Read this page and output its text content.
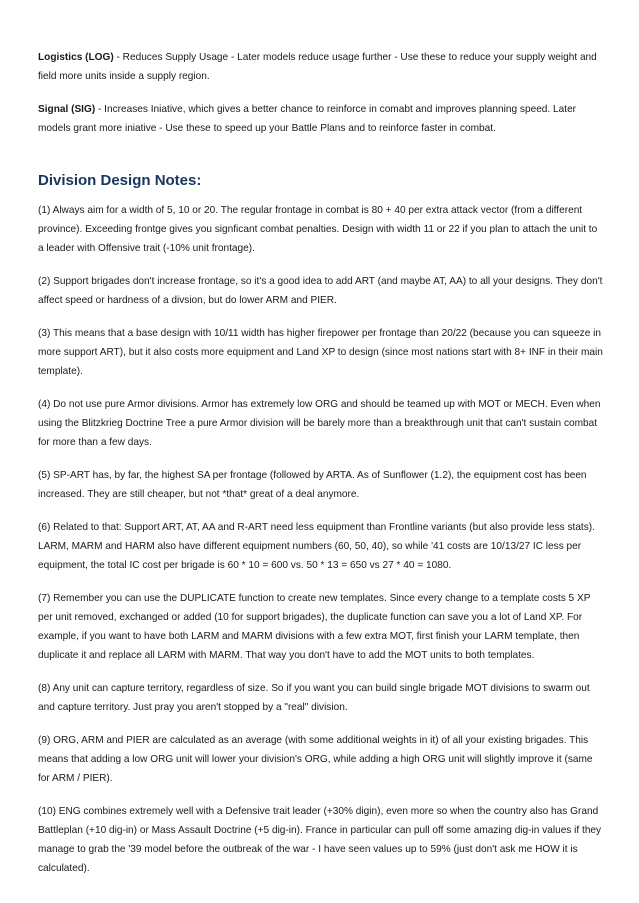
Logistics (LOG) - Reduces Supply Usage - Later models reduce usage further - Use these to reduce your supply weight and field more units inside a supply region.

Signal (SIG) - Increases Iniative, which gives a better chance to reinforce in comabt and improves planning speed. Later models grant more iniative - Use these to speed up your Battle Plans and to reinforce faster in combat.

Division Design Notes:

(1) Always aim for a width of 5, 10 or 20. The regular frontage in combat is 80 + 40 per extra attack vector (from a different province). Exceeding frontge gives you signficant combat penalties. Design with width 11 or 22 if you plan to attach the unit to a leader with Offensive trait (-10% unit frontage).

(2) Support brigades don't increase frontage, so it's a good idea to add ART (and maybe AT, AA) to all your designs. They don't affect speed or hardness of a divsion, but do lower ARM and PIER.

(3) This means that a base design with 10/11 width has higher firepower per frontage than 20/22 (because you can squeeze in more support ART), but it also costs more equipment and Land XP to design (since most nations start with 8+ INF in their main template).

(4) Do not use pure Armor divisions. Armor has extremely low ORG and should be teamed up with MOT or MECH. Even when using the Blitzkrieg Doctrine Tree a pure Armor division will be barely more than a breakthrough unit that can't sustain combat for more than a few days.

(5) SP-ART has, by far, the highest SA per frontage (followed by ARTA. As of Sunflower (1.2), the equipment cost has been increased. They are still cheaper, but not *that* great of a deal anymore.

(6) Related to that: Support ART, AT, AA and R-ART need less equipment than Frontline variants (but also provide less stats). LARM, MARM and HARM also have different equipment numbers (60, 50, 40), so while '41 costs are 10/13/27 IC less per equipment, the total IC cost per brigade is 60 * 10 = 600 vs. 50 * 13 = 650 vs 27 * 40 = 1080.

(7) Remember you can use the DUPLICATE function to create new templates. Since every change to a template costs 5 XP per unit removed, exchanged or added (10 for support brigades), the duplicate function can save you a lot of Land XP. For example, if you want to have both LARM and MARM divisions with a few extra MOT, first finish your LARM template, then duplicate it and replace all LARM with MARM. That way you don't have to add the MOT units to both templates.

(8) Any unit can capture territory, regardless of size. So if you want you can build single brigade MOT divisions to swarm out and capture territory. Just pray you aren't stopped by a "real" division.

(9) ORG, ARM and PIER are calculated as an average (with some additional weights in it) of all your existing brigades. This means that adding a low ORG unit will lower your division's ORG, while adding a high ORG unit will slightly improve it (same for ARM / PIER).

(10) ENG combines extremely well with a Defensive trait leader (+30% digin), even more so when the country also has Grand Battleplan (+10 dig-in) or Mass Assault Doctrine (+5 dig-in). France in particular can pull off some amazing dig-in values if they manage to grab the '39 model before the outbreak of the war - I have seen values up to 59% (just don't ask me HOW it is calculated).
